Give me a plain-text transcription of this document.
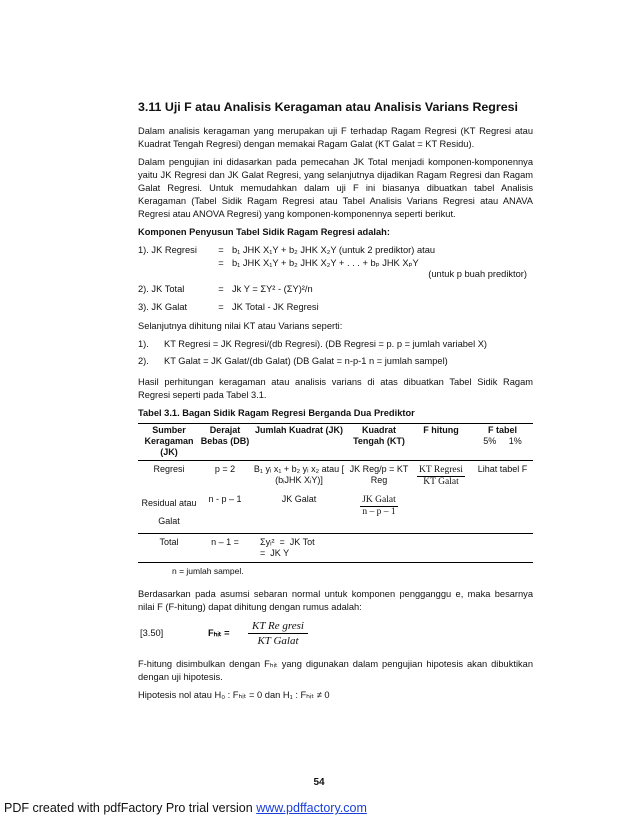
3.11 Uji F atau Analisis Keragaman atau Analisis Varians Regresi

Dalam analisis keragaman yang merupakan uji F terhadap Ragam Regresi (KT Regresi atau Kuadrat Tengah Regresi) dengan memakai Ragam Galat (KT Galat = KT Residu).

Dalam pengujian ini didasarkan pada pemecahan JK Total menjadi komponen-komponennya yaitu JK Regresi dan JK Galat Regresi, yang selanjutnya dijadikan Ragam Regresi dan Ragam Galat Regresi. Untuk memudahkan dalam uji F ini biasanya dibuatkan tabel Analisis Keragaman (Tabel Sidik Ragam Regresi atau Tabel Analisis Varians Regresi atau ANAVA Regresi atau ANOVA Regresi) yang komponen-komponennya seperti berikut.

Komponen Penyusun Tabel Sidik Ragam Regresi adalah:

1). JK Regresi	= b₁ JHK X₁Y + b₂ JHK X₂Y (untuk 2 prediktor) atau
= b₁ JHK X₁Y + b₂ JHK X₂Y + . . . + bₚ JHK XₚY
(untuk p buah prediktor)
2). JK Total	= Jk Y = ΣY² - (ΣY)²/n
3). JK Galat	= JK Total - JK Regresi

Selanjutnya dihitung nilai KT atau Varians seperti:

1).	KT Regresi = JK Regresi/(db Regresi). (DB Regresi = p. p = jumlah variabel X)
2).	KT Galat = JK Galat/(db Galat) (DB Galat = n-p-1 n = jumlah sampel)

Hasil perhitungan keragaman atau analisis varians di atas dibuatkan Tabel Sidik Ragam Regresi seperti pada Tabel 3.1.

Tabel 3.1. Bagan Sidik Ragam Regresi Berganda Dua Prediktor

Sumber Keragaman (JK)	Derajat Bebas (DB)	Jumlah Kuadrat (JK)	Kuadrat Tengah (KT)	F hitung	F tabel
5%     1%

Regresi	p = 2	B₁ yᵢ x₁ + b₂ yᵢ x₂ atau [ (bᵢJHK XᵢY)]	JK Reg/p = KT Reg	$\frac{\text{KT Regresi}}{\text{KT Galat}}$	Lihat tabel F
Residual atau Galat	n - p – 1	JK Galat	$\frac{\text{JK Galat}}{n - p - 1}$

Total	n – 1 =	Σyᵢ²  =  JK Tot
=  JK Y			
n = jumlah sampel.

Berdasarkan pada asumsi sebaran normal untuk komponen pengganggu e, maka besarnya nilai F (F-hitung) dapat dihitung dengan rumus adalah:

[3.50]	Fₕᵢₜ =
KT Re gresi
KT Galat

F-hitung disimbulkan dengan Fₕᵢₜ yang digunakan dalam pengujian hipotesis akan dibuktikan dengan uji hipotesis.

Hipotesis nol atau H₀ : Fₕᵢₜ = 0 dan H₁ : Fₕᵢₜ ≠ 0

54
PDF created with pdfFactory Pro trial version www.pdffactory.com
